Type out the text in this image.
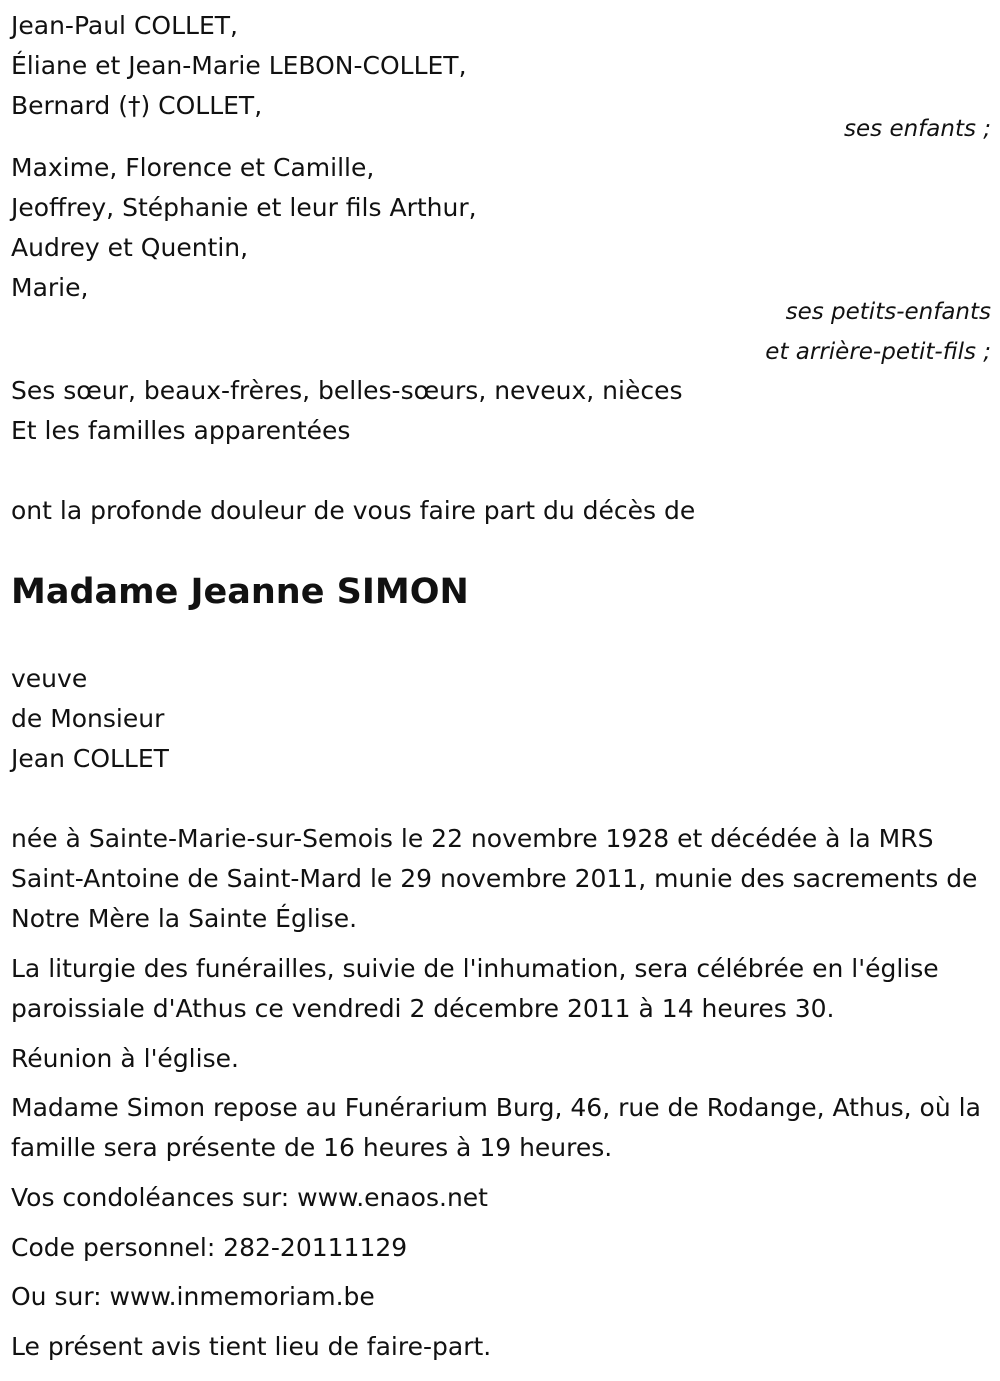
Jean-Paul COLLET,
Éliane et Jean-Marie LEBON-COLLET,
Bernard (†) COLLET,
ses enfants ;
Maxime, Florence et Camille,
Jeoffrey, Stéphanie et leur fils Arthur,
Audrey et Quentin,
Marie,
ses petits-enfants
et arrière-petit-fils ;
Ses sœur, beaux-frères, belles-sœurs, neveux, nièces
Et les familles apparentées
ont la profonde douleur de vous faire part du décès de
Madame Jeanne SIMON
veuve
de Monsieur
Jean COLLET
née à Sainte-Marie-sur-Semois le 22 novembre 1928 et décédée à la MRS Saint-Antoine de Saint-Mard le 29 novembre 2011, munie des sacrements de Notre Mère la Sainte Église.
La liturgie des funérailles, suivie de l'inhumation, sera célébrée en l'église paroissiale d'Athus ce vendredi 2 décembre 2011 à 14 heures 30.
Réunion à l'église.
Madame Simon repose au Funérarium Burg, 46, rue de Rodange, Athus, où la famille sera présente de 16 heures à 19 heures.
Vos condoléances sur: www.enaos.net
Code personnel: 282-20111129
Ou sur: www.inmemoriam.be
Le présent avis tient lieu de faire-part.
